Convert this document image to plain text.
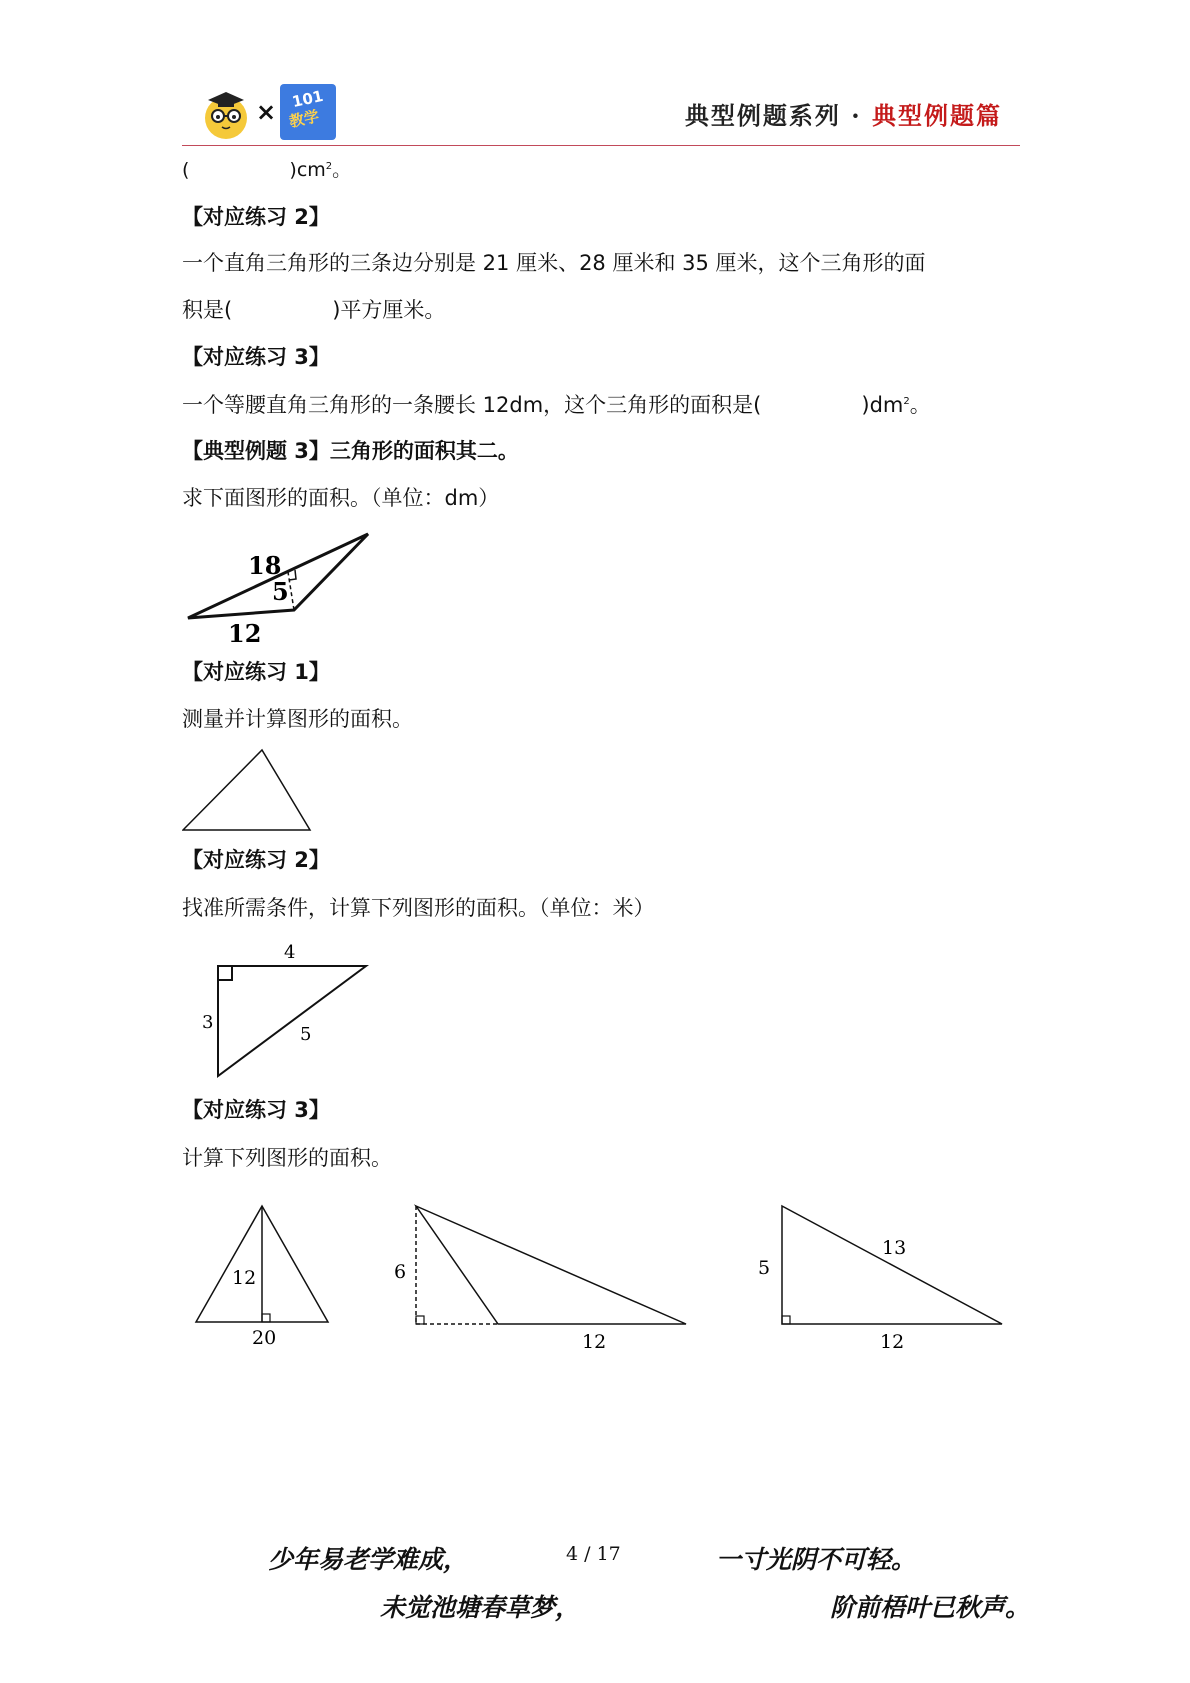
× 101
教学	典型例题系列 · 典型例题篇
(	)$cm^2$。
【对应练习 2】
一个直角三角形的三条边分别是 21 厘米、28 厘米和 35 厘米，这个三角形的面
积是(	)平方厘米。
【对应练习 3】
一个等腰直角三角形的一条腰长 12dm，这个三角形的面积是(	)$dm^2$。
【典型例题 3】三角形的面积其二。
求下面图形的面积。（单位：dm）
18
5
12
【对应练习 1】
测量并计算图形的面积。
【对应练习 2】
找准所需条件，计算下列图形的面积。（单位：米）
4
3
5
【对应练习 3】
计算下列图形的面积。
12
20
6
12
5
13
12
少年易老学难成，	4 / 17	一寸光阴不可轻。
未觉池塘春草梦，	阶前梧叶已秋声。
